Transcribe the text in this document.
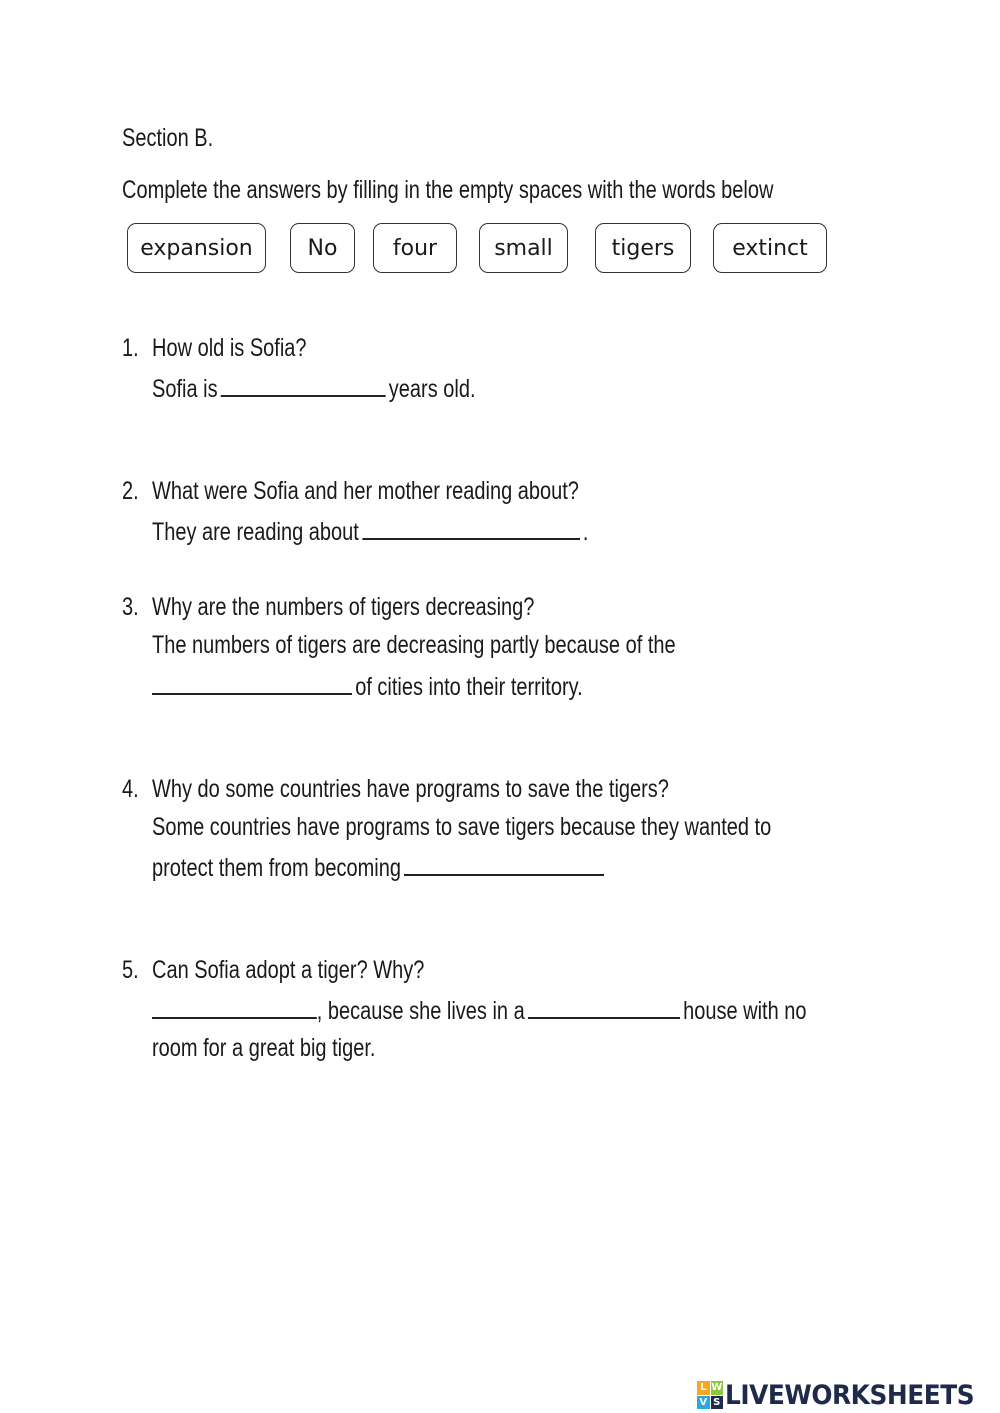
Section B.
Complete the answers by filling in the empty spaces with the words below
expansion	No	four	small	tigers	extinct
1. How old is Sofia?
Sofia is	years old.
2. What were Sofia and her mother reading about?
They are reading about	.
3. Why are the numbers of tigers decreasing?
The numbers of tigers are decreasing partly because of the
of cities into their territory.
4. Why do some countries have programs to save the tigers?
Some countries have programs to save tigers because they wanted to
protect them from becoming
5. Can Sofia adopt a tiger? Why?
, because she lives in a	house with no
room for a great big tiger.
L W
V S LIVEWORKSHEETS
